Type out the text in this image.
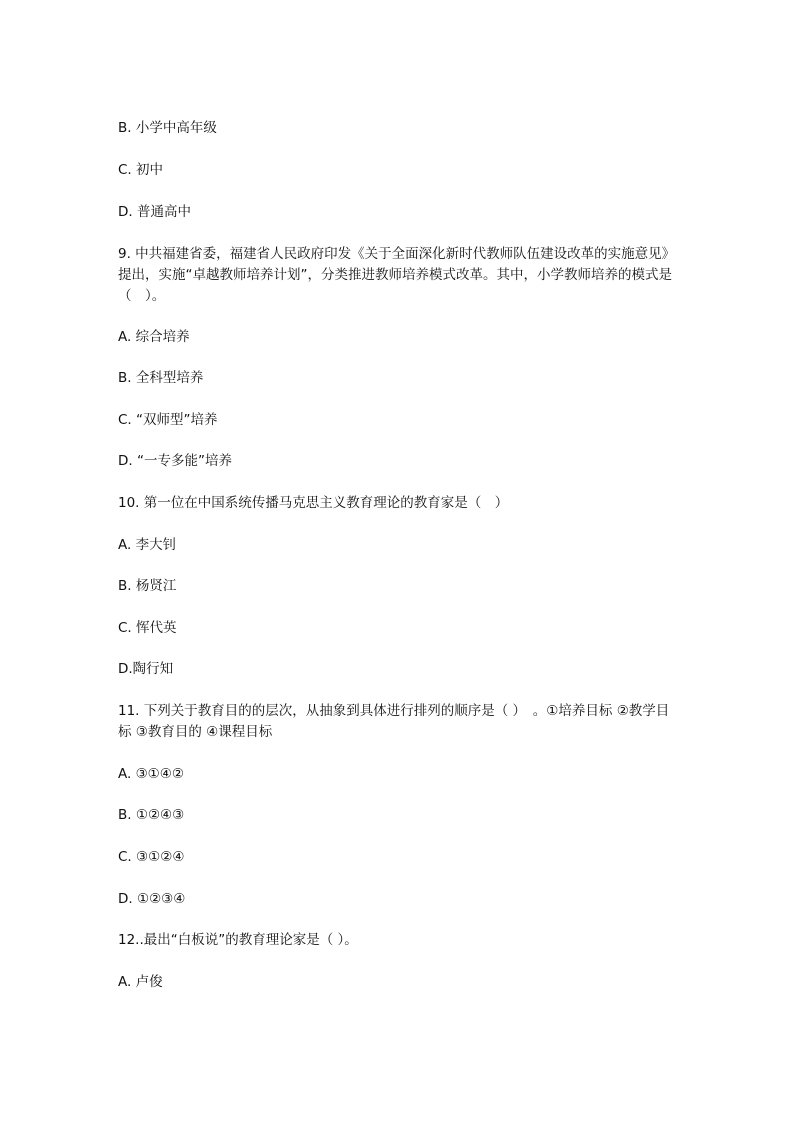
B. 小学中高年级

C. 初中

D. 普通高中

9. 中共福建省委，福建省人民政府印发《关于全面深化新时代教师队伍建设改革的实施意见》提出，实施“卓越教师培养计划”，分类推进教师培养模式改革。其中，小学教师培养的模式是（　）。

A. 综合培养

B. 全科型培养

C. “双师型”培养

D. “一专多能”培养

10. 第一位在中国系统传播马克思主义教育理论的教育家是（　）

A. 李大钊

B. 杨贤江

C. 恽代英

D.陶行知

11. 下列关于教育目的的层次，从抽象到具体进行排列的顺序是（ ）　。①培养目标 ②教学目标 ③教育目的 ④课程目标

A. ③①④②

B. ①②④③

C. ③①②④

D. ①②③④

12..最出“白板说”的教育理论家是（ ）。

A. 卢俊
